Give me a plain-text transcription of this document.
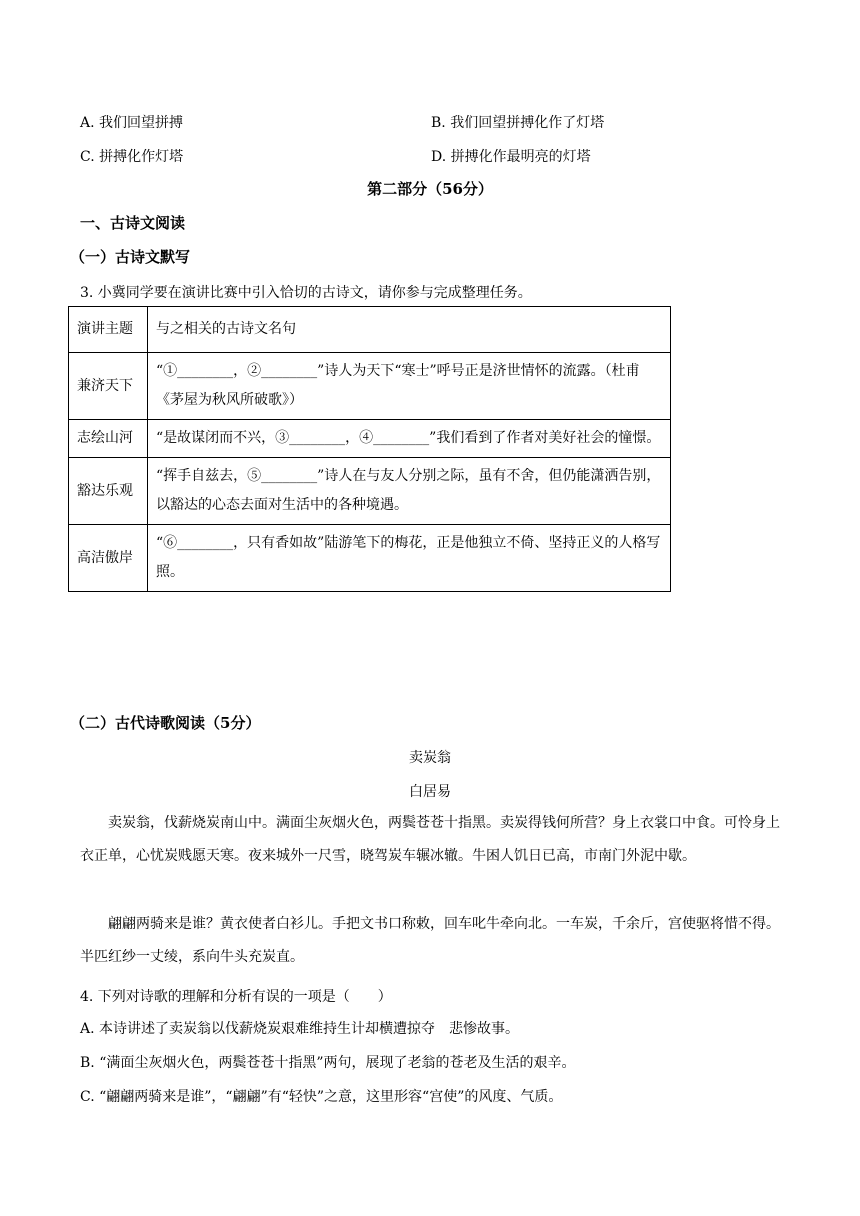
A. 我们回望拼搏	B. 我们回望拼搏化作了灯塔
C. 拼搏化作灯塔	D. 拼搏化作最明亮的灯塔
第二部分（56分）
一、古诗文阅读
（一）古诗文默写
3. 小冀同学要在演讲比赛中引入恰切的古诗文，请你参与完成整理任务。
演讲主题	与之相关的古诗文名句
兼济天下	“①________，②________”诗人为天下“寒士”呼号正是济世情怀的流露。（杜甫《茅屋为秋风所破歌》）
志绘山河	“是故谋闭而不兴，③________，④________”我们看到了作者对美好社会的憧憬。
豁达乐观	“挥手自兹去，⑤________”诗人在与友人分别之际，虽有不舍，但仍能潇洒告别，以豁达的心态去面对生活中的各种境遇。
高洁傲岸	“⑥________，只有香如故”陆游笔下的梅花，正是他独立不倚、坚持正义的人格写照。
（二）古代诗歌阅读（5分）
卖炭翁
白居易
卖炭翁，伐薪烧炭南山中。满面尘灰烟火色，两鬓苍苍十指黑。卖炭得钱何所营？身上衣裳口中食。可怜身上衣正单，心忧炭贱愿天寒。夜来城外一尺雪，晓驾炭车辗冰辙。牛困人饥日已高，市南门外泥中歇。
翩翩两骑来是谁？黄衣使者白衫儿。手把文书口称敕，回车叱牛牵向北。一车炭，千余斤，宫使驱将惜不得。半匹红纱一丈绫，系向牛头充炭直。
4. 下列对诗歌的理解和分析有误的一项是（　　）
A. 本诗讲述了卖炭翁以伐薪烧炭艰难维持生计却横遭掠夺　悲惨故事。
B. “满面尘灰烟火色，两鬓苍苍十指黑”两句，展现了老翁的苍老及生活的艰辛。
C. “翩翩两骑来是谁”，“翩翩”有“轻快”之意，这里形容“宫使”的风度、气质。
